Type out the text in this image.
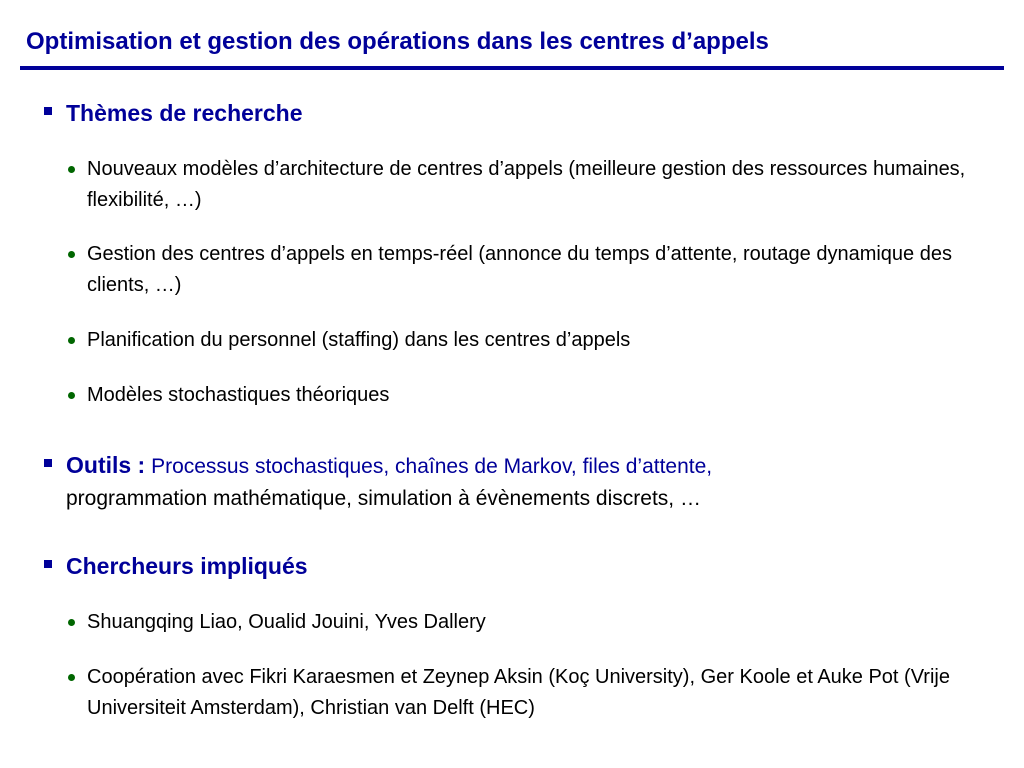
Optimisation et gestion des opérations dans les centres d’appels
Thèmes de recherche
Nouveaux modèles d’architecture de centres d’appels (meilleure gestion des ressources humaines, flexibilité, …)
Gestion des centres d’appels en temps-réel (annonce du temps d’attente, routage dynamique des clients, …)
Planification du personnel (staffing) dans les centres d’appels
Modèles stochastiques théoriques
Outils : Processus stochastiques, chaînes de Markov, files d’attente,
programmation mathématique, simulation à évènements discrets, …
Chercheurs impliqués
Shuangqing Liao, Oualid Jouini, Yves Dallery
Coopération avec Fikri Karaesmen et Zeynep Aksin (Koç University), Ger Koole et Auke Pot (Vrije Universiteit Amsterdam), Christian van Delft (HEC)
